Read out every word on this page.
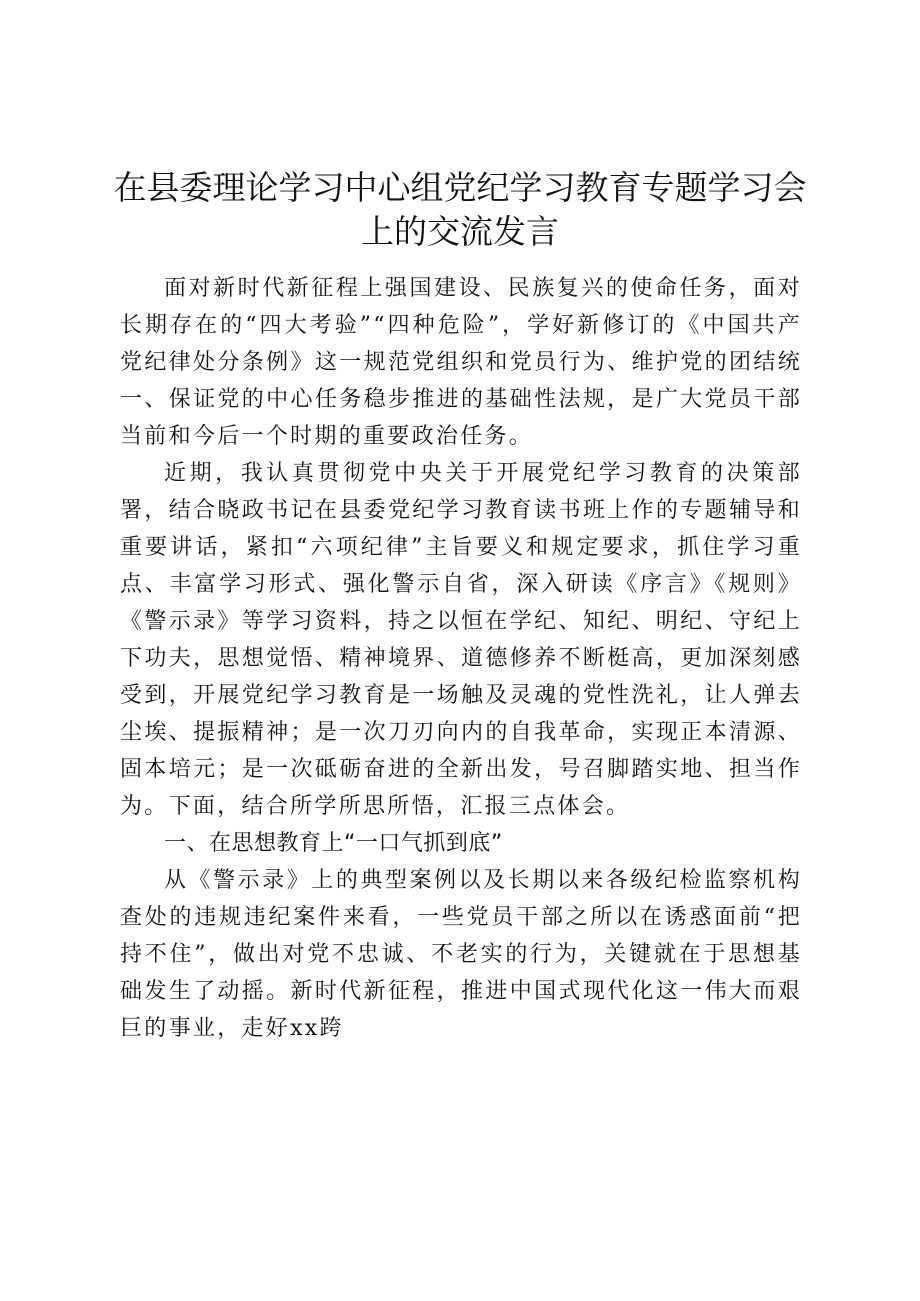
在县委理论学习中心组党纪学习教育专题学习会上的交流发言

面对新时代新征程上强国建设、民族复兴的使命任务，面对长期存在的“四大考验”“四种危险”，学好新修订的《中国共产党纪律处分条例》这一规范党组织和党员行为、维护党的团结统一、保证党的中心任务稳步推进的基础性法规，是广大党员干部当前和今后一个时期的重要政治任务。

近期，我认真贯彻党中央关于开展党纪学习教育的决策部署，结合晓政书记在县委党纪学习教育读书班上作的专题辅导和重要讲话，紧扣“六项纪律”主旨要义和规定要求，抓住学习重点、丰富学习形式、强化警示自省，深入研读《序言》《规则》《警示录》等学习资料，持之以恒在学纪、知纪、明纪、守纪上下功夫，思想觉悟、精神境界、道德修养不断梃高，更加深刻感受到，开展党纪学习教育是一场触及灵魂的党性洗礼，让人弹去尘埃、提振精神；是一次刀刃向内的自我革命，实现正本清源、固本培元；是一次砥砺奋进的全新出发，号召脚踏实地、担当作为。下面，结合所学所思所悟，汇报三点体会。

一、在思想教育上“一口气抓到底”

从《警示录》上的典型案例以及长期以来各级纪检监察机构查处的违规违纪案件来看，一些党员干部之所以在诱惑面前“把持不住”，做出对党不忠诚、不老实的行为，关键就在于思想基础发生了动摇。新时代新征程，推进中国式现代化这一伟大而艰巨的事业，走好xx跨
